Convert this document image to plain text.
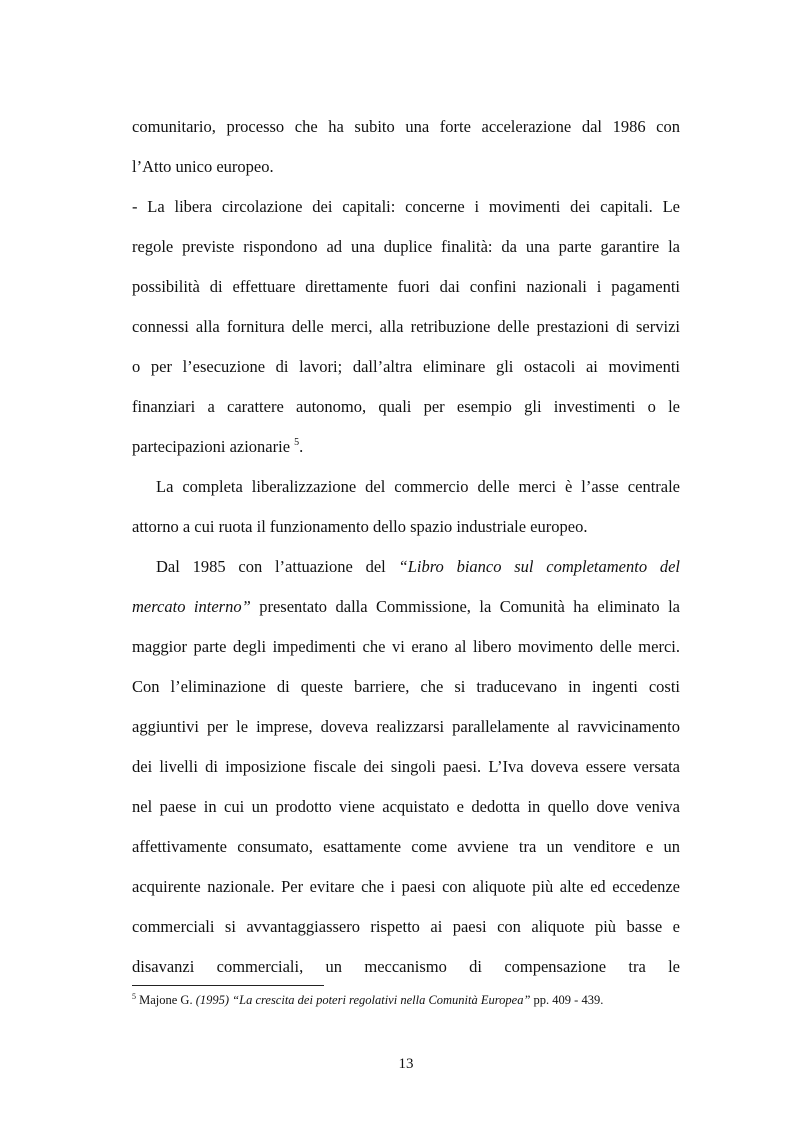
comunitario, processo che ha subito una forte accelerazione dal 1986 con
l’Atto unico europeo.
- La libera circolazione dei capitali: concerne i movimenti dei capitali. Le
regole previste rispondono ad una duplice finalità: da una parte garantire la
possibilità di effettuare direttamente fuori dai confini nazionali i pagamenti
connessi alla fornitura delle merci, alla retribuzione delle prestazioni di servizi
o per l’esecuzione di lavori; dall’altra eliminare gli ostacoli ai movimenti
finanziari a carattere autonomo, quali per esempio gli investimenti o le
partecipazioni azionarie $^5$.
La completa liberalizzazione del commercio delle merci è l’asse centrale
attorno a cui ruota il funzionamento dello spazio industriale europeo.
Dal 1985 con l’attuazione del “Libro bianco sul completamento del
mercato interno” presentato dalla Commissione, la Comunità ha eliminato la
maggior parte degli impedimenti che vi erano al libero movimento delle merci.
Con l’eliminazione di queste barriere, che si traducevano in ingenti costi
aggiuntivi per le imprese, doveva realizzarsi parallelamente al ravvicinamento
dei livelli di imposizione fiscale dei singoli paesi. L’Iva doveva essere versata
nel paese in cui un prodotto viene acquistato e dedotta in quello dove veniva
affettivamente consumato, esattamente come avviene tra un venditore e un
acquirente nazionale. Per evitare che i paesi con aliquote più alte ed eccedenze
commerciali si avvantaggiassero rispetto ai paesi con aliquote più basse e
disavanzi commerciali, un meccanismo di compensazione tra le
$^5$ Majone G. (1995) “La crescita dei poteri regolativi nella Comunità Europea” pp. 409 - 439.
13
